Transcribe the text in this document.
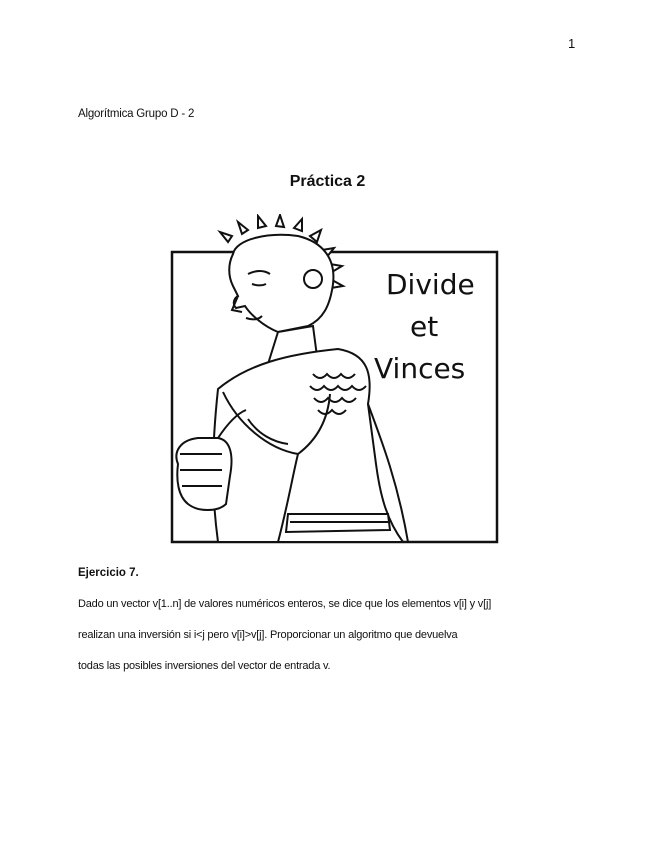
1
Algorítmica Grupo D - 2
Práctica 2
Divide
et
Vinces
Ejercicio 7.
Dado un vector v[1..n] de valores numéricos enteros, se dice que los elementos v[i] y v[j]
realizan una inversión si i<j pero v[i]>v[j]. Proporcionar un algoritmo que devuelva
todas las posibles inversiones del vector de entrada v.
